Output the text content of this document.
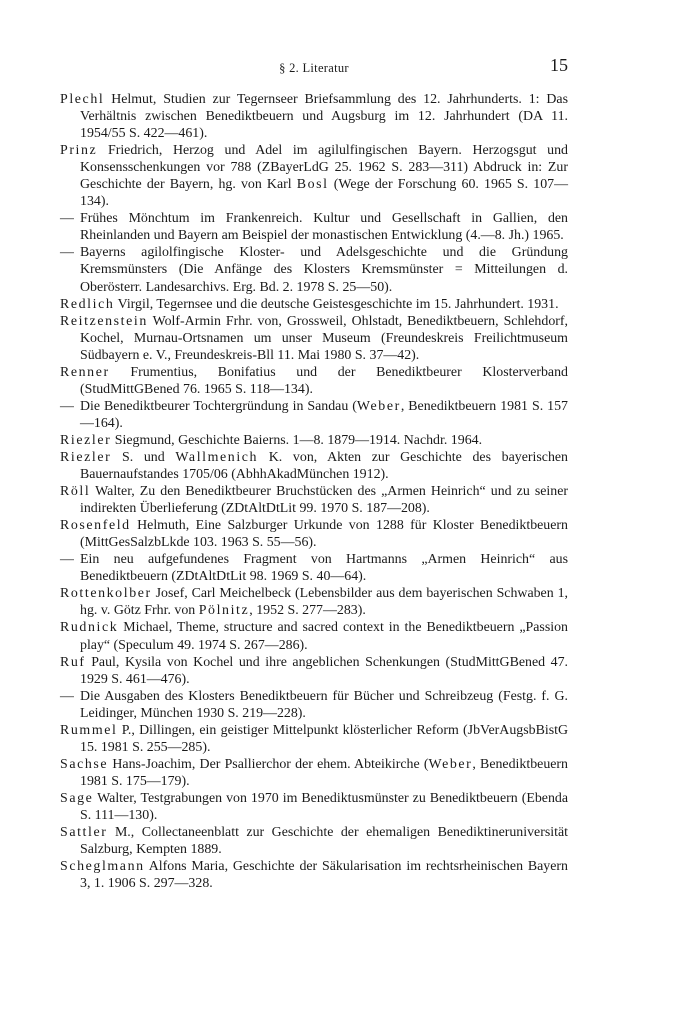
§ 2. Literatur	15

Plechl Helmut, Studien zur Tegernseer Briefsammlung des 12. Jahrhunderts. 1: Das Verhältnis zwischen Benediktbeuern und Augsburg im 12. Jahrhundert (DA 11. 1954/55 S. 422—461).

Prinz Friedrich, Herzog und Adel im agilulfingischen Bayern. Herzogsgut und Konsensschenkungen vor 788 (ZBayerLdG 25. 1962 S. 283—311) Abdruck in: Zur Geschichte der Bayern, hg. von Karl Bosl (Wege der Forschung 60. 1965 S. 107—134).

— Frühes Mönchtum im Frankenreich. Kultur und Gesellschaft in Gallien, den Rheinlanden und Bayern am Beispiel der monastischen Entwicklung (4.—8. Jh.) 1965.

— Bayerns agilolfingische Kloster- und Adelsgeschichte und die Gründung Kremsmünsters (Die Anfänge des Klosters Kremsmünster = Mitteilungen d. Oberösterr. Landesarchivs. Erg. Bd. 2. 1978 S. 25—50).

Redlich Virgil, Tegernsee und die deutsche Geistesgeschichte im 15. Jahrhundert. 1931.

Reitzenstein Wolf-Armin Frhr. von, Grossweil, Ohlstadt, Benediktbeuern, Schlehdorf, Kochel, Murnau-Ortsnamen um unser Museum (Freundeskreis Freilichtmuseum Südbayern e. V., Freundeskreis-Bll 11. Mai 1980 S. 37—42).

Renner Frumentius, Bonifatius und der Benediktbeurer Klosterverband (StudMittGBened 76. 1965 S. 118—134).

— Die Benediktbeurer Tochtergründung in Sandau (Weber, Benediktbeuern 1981 S. 157—164).

Riezler Siegmund, Geschichte Baierns. 1—8. 1879—1914. Nachdr. 1964.

Riezler S. und Wallmenich K. von, Akten zur Geschichte des bayerischen Bauernaufstandes 1705/06 (AbhhAkadMünchen 1912).

Röll Walter, Zu den Benediktbeurer Bruchstücken des „Armen Heinrich“ und zu seiner indirekten Überlieferung (ZDtAltDtLit 99. 1970 S. 187—208).

Rosenfeld Helmuth, Eine Salzburger Urkunde von 1288 für Kloster Benediktbeuern (MittGesSalzbLkde 103. 1963 S. 55—56).

— Ein neu aufgefundenes Fragment von Hartmanns „Armen Heinrich“ aus Benediktbeuern (ZDtAltDtLit 98. 1969 S. 40—64).

Rottenkolber Josef, Carl Meichelbeck (Lebensbilder aus dem bayerischen Schwaben 1, hg. v. Götz Frhr. von Pölnitz, 1952 S. 277—283).

Rudnick Michael, Theme, structure and sacred context in the Benediktbeuern „Passion play“ (Speculum 49. 1974 S. 267—286).

Ruf Paul, Kysila von Kochel und ihre angeblichen Schenkungen (StudMittGBened 47. 1929 S. 461—476).

— Die Ausgaben des Klosters Benediktbeuern für Bücher und Schreibzeug (Festg. f. G. Leidinger, München 1930 S. 219—228).

Rummel P., Dillingen, ein geistiger Mittelpunkt klösterlicher Reform (JbVerAugsbBistG 15. 1981 S. 255—285).

Sachse Hans-Joachim, Der Psallierchor der ehem. Abteikirche (Weber, Benediktbeuern 1981 S. 175—179).

Sage Walter, Testgrabungen von 1970 im Benediktusmünster zu Benediktbeuern (Ebenda S. 111—130).

Sattler M., Collectaneenblatt zur Geschichte der ehemaligen Benediktineruniversität Salzburg, Kempten 1889.

Scheglmann Alfons Maria, Geschichte der Säkularisation im rechtsrheinischen Bayern 3, 1. 1906 S. 297—328.
